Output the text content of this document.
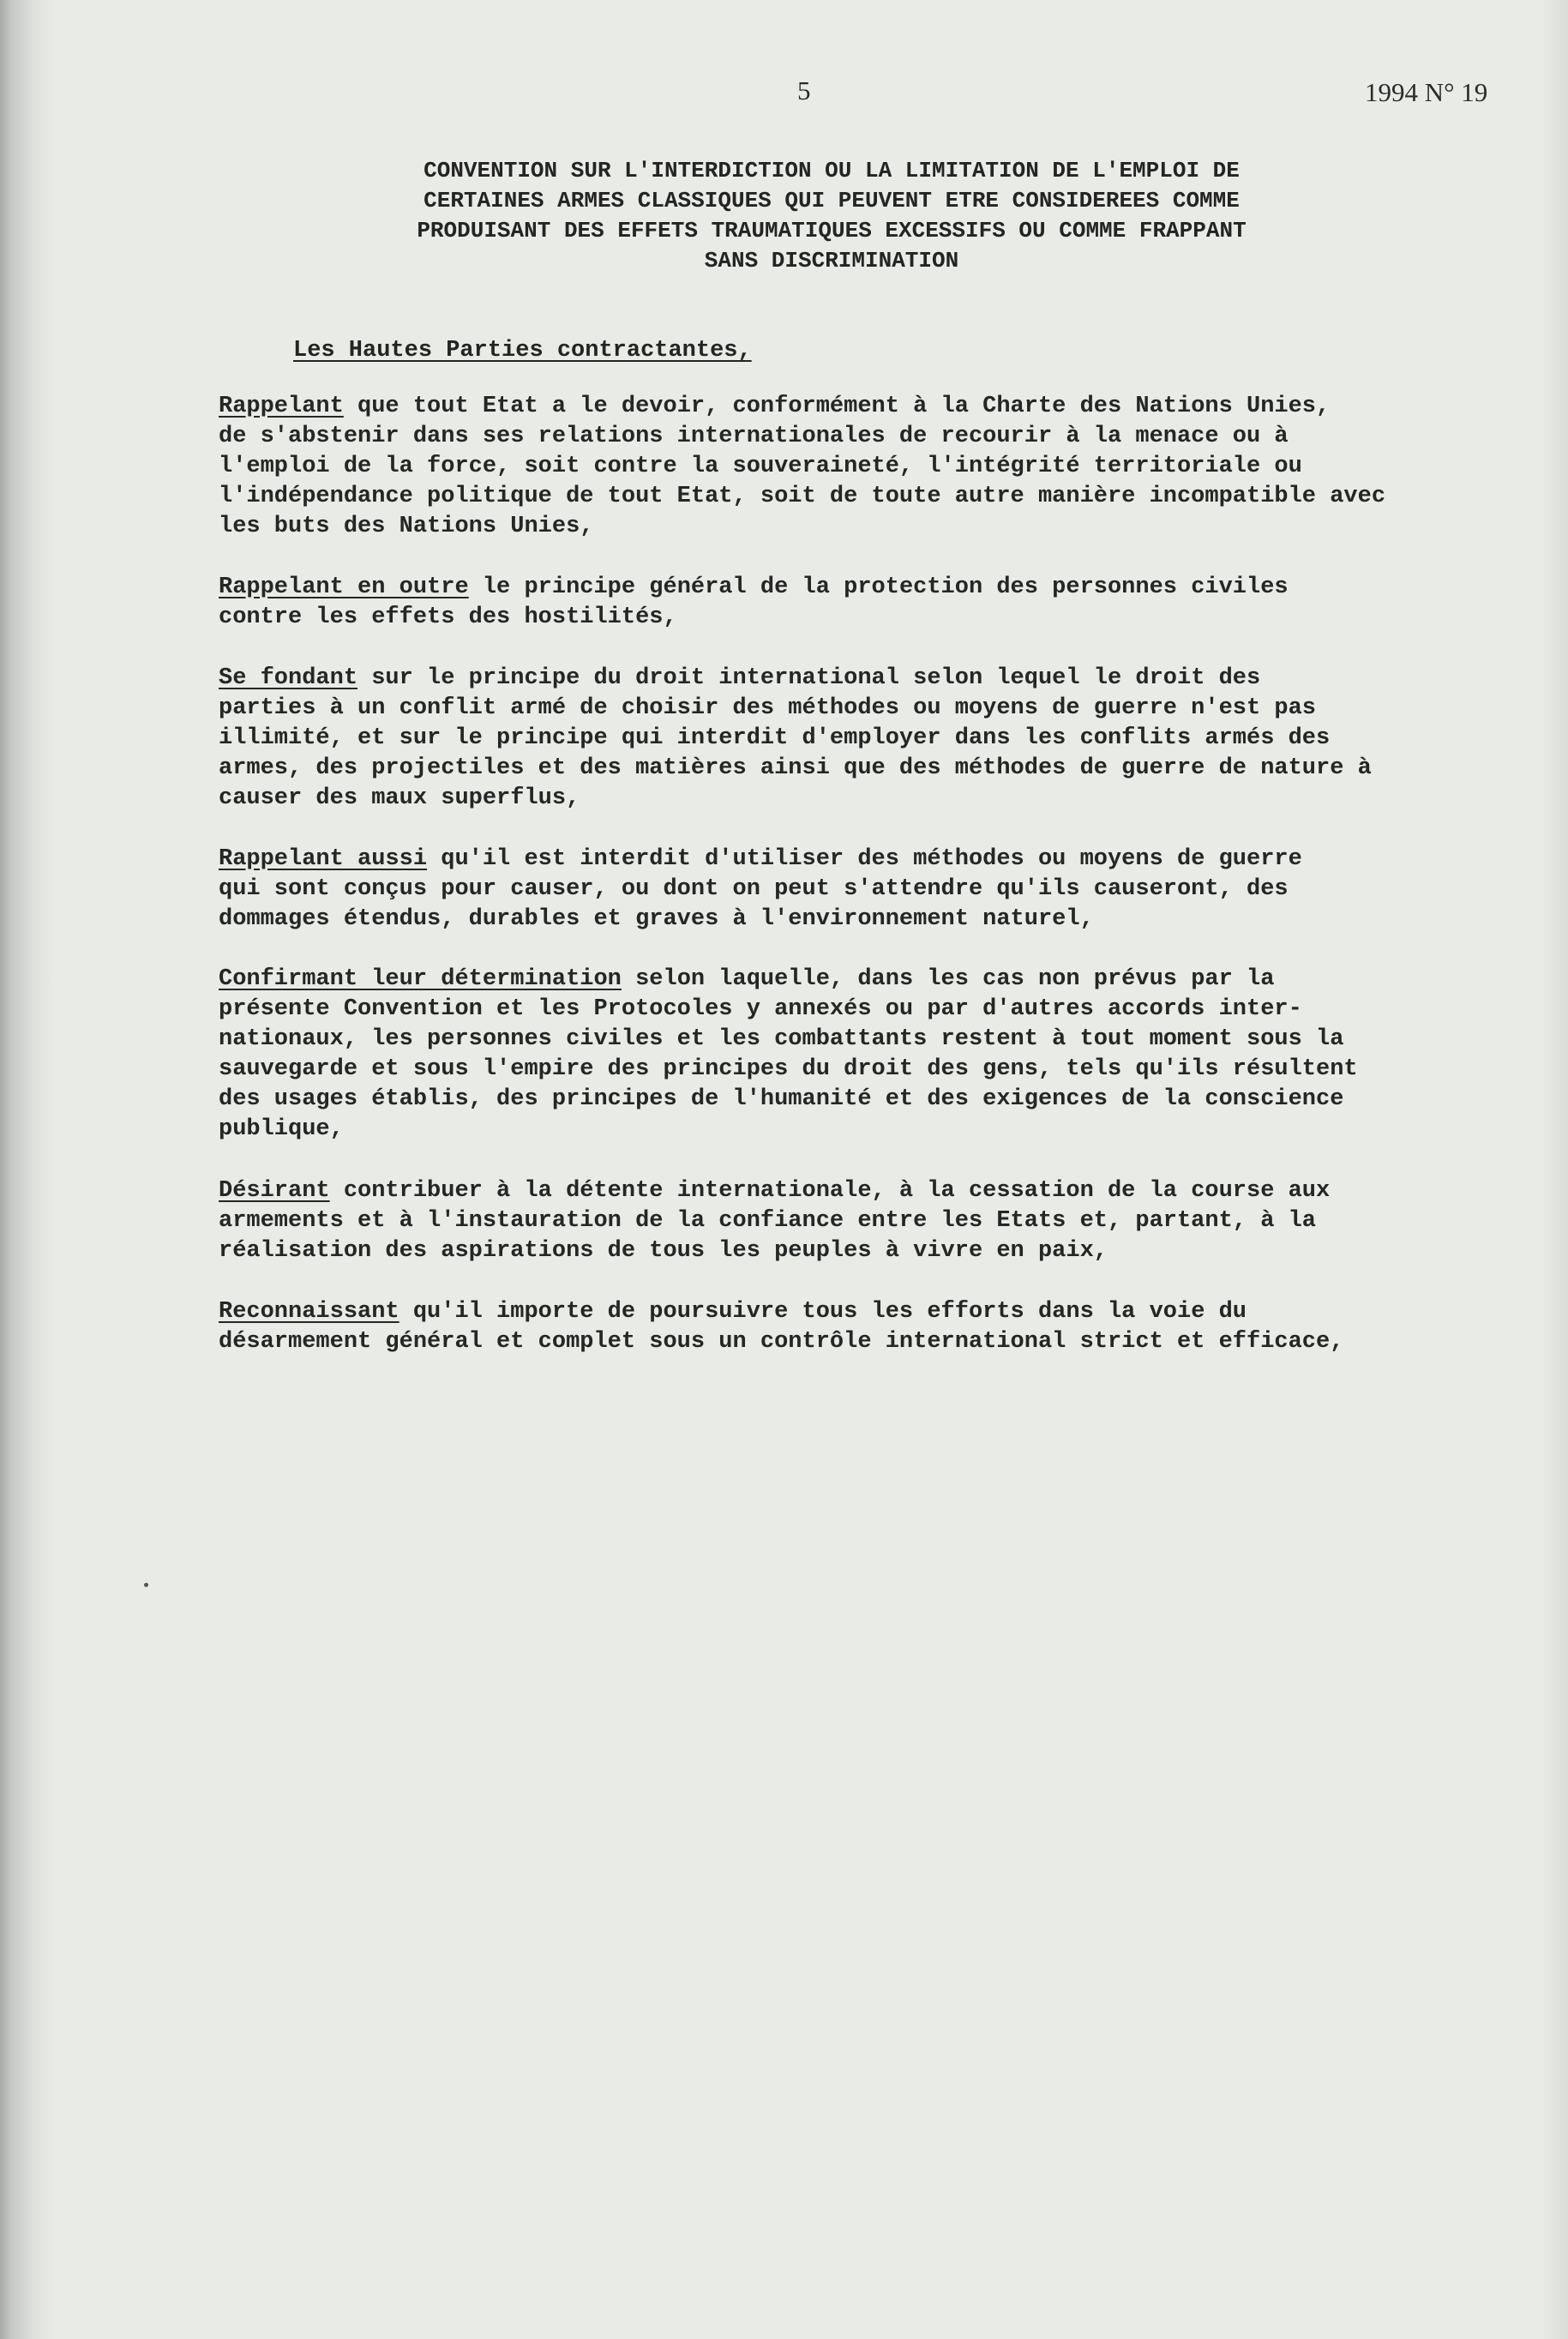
5	1994 N° 19
CONVENTION SUR L'INTERDICTION OU LA LIMITATION DE L'EMPLOI DE
CERTAINES ARMES CLASSIQUES QUI PEUVENT ETRE CONSIDEREES COMME
PRODUISANT DES EFFETS TRAUMATIQUES EXCESSIFS OU COMME FRAPPANT
SANS DISCRIMINATION
Les Hautes Parties contractantes,
Rappelant que tout Etat a le devoir, conformément à la Charte des Nations Unies,
de s'abstenir dans ses relations internationales de recourir à la menace ou à
l'emploi de la force, soit contre la souveraineté, l'intégrité territoriale ou
l'indépendance politique de tout Etat, soit de toute autre manière incompatible avec
les buts des Nations Unies,
Rappelant en outre le principe général de la protection des personnes civiles
contre les effets des hostilités,
Se fondant sur le principe du droit international selon lequel le droit des
parties à un conflit armé de choisir des méthodes ou moyens de guerre n'est pas
illimité, et sur le principe qui interdit d'employer dans les conflits armés des
armes, des projectiles et des matières ainsi que des méthodes de guerre de nature à
causer des maux superflus,
Rappelant aussi qu'il est interdit d'utiliser des méthodes ou moyens de guerre
qui sont conçus pour causer, ou dont on peut s'attendre qu'ils causeront, des
dommages étendus, durables et graves à l'environnement naturel,
Confirmant leur détermination selon laquelle, dans les cas non prévus par la
présente Convention et les Protocoles y annexés ou par d'autres accords inter-
nationaux, les personnes civiles et les combattants restent à tout moment sous la
sauvegarde et sous l'empire des principes du droit des gens, tels qu'ils résultent
des usages établis, des principes de l'humanité et des exigences de la conscience
publique,
Désirant contribuer à la détente internationale, à la cessation de la course aux
armements et à l'instauration de la confiance entre les Etats et, partant, à la
réalisation des aspirations de tous les peuples à vivre en paix,
Reconnaissant qu'il importe de poursuivre tous les efforts dans la voie du
désarmement général et complet sous un contrôle international strict et efficace,
